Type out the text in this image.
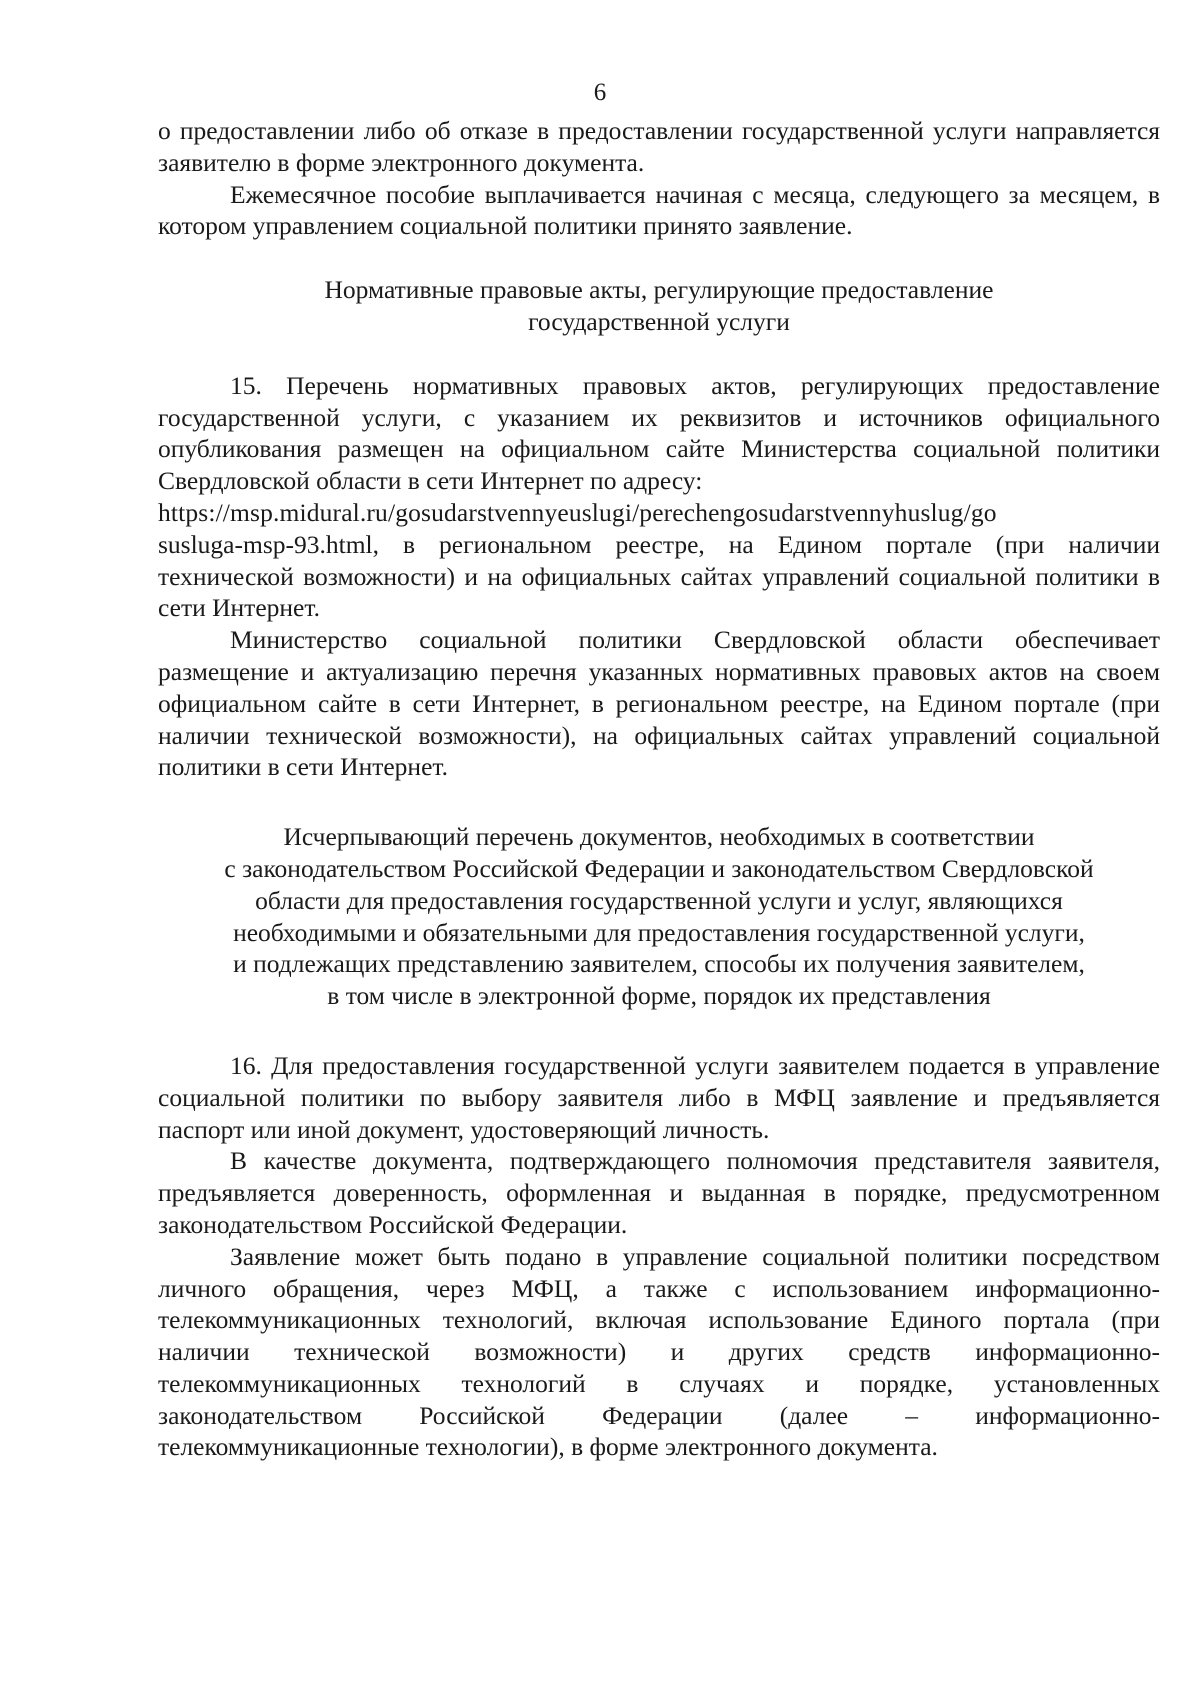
6

о предоставлении либо об отказе в предоставлении государственной услуги направляется заявителю в форме электронного документа.

Ежемесячное пособие выплачивается начиная с месяца, следующего за месяцем, в котором управлением социальной политики принято заявление.

Нормативные правовые акты, регулирующие предоставление
государственной услуги

15. Перечень нормативных правовых актов, регулирующих предоставление государственной услуги, с указанием их реквизитов и источников официального опубликования размещен на официальном сайте Министерства социальной политики Свердловской области в сети Интернет по адресу:
https://msp.midural.ru/gosudarstvennyeuslugi/perechengosudarstvennyhuslug/go
susluga-msp-93.html, в региональном реестре, на Едином портале (при наличии технической возможности) и на официальных сайтах управлений социальной политики в сети Интернет.

Министерство социальной политики Свердловской области обеспечивает размещение и актуализацию перечня указанных нормативных правовых актов на своем официальном сайте в сети Интернет, в региональном реестре, на Едином портале (при наличии технической возможности), на официальных сайтах управлений социальной политики в сети Интернет.

Исчерпывающий перечень документов, необходимых в соответствии
с законодательством Российской Федерации и законодательством Свердловской
области для предоставления государственной услуги и услуг, являющихся
необходимыми и обязательными для предоставления государственной услуги,
и подлежащих представлению заявителем, способы их получения заявителем,
в том числе в электронной форме, порядок их представления

16. Для предоставления государственной услуги заявителем подается в управление социальной политики по выбору заявителя либо в МФЦ заявление и предъявляется паспорт или иной документ, удостоверяющий личность.

В качестве документа, подтверждающего полномочия представителя заявителя, предъявляется доверенность, оформленная и выданная в порядке, предусмотренном законодательством Российской Федерации.

Заявление может быть подано в управление социальной политики посредством личного обращения, через МФЦ, а также с использованием информационно-телекоммуникационных технологий, включая использование Единого портала (при наличии технической возможности) и других средств информационно-телекоммуникационных технологий в случаях и порядке, установленных законодательством Российской Федерации (далее – информационно-телекоммуникационные технологии), в форме электронного документа.
